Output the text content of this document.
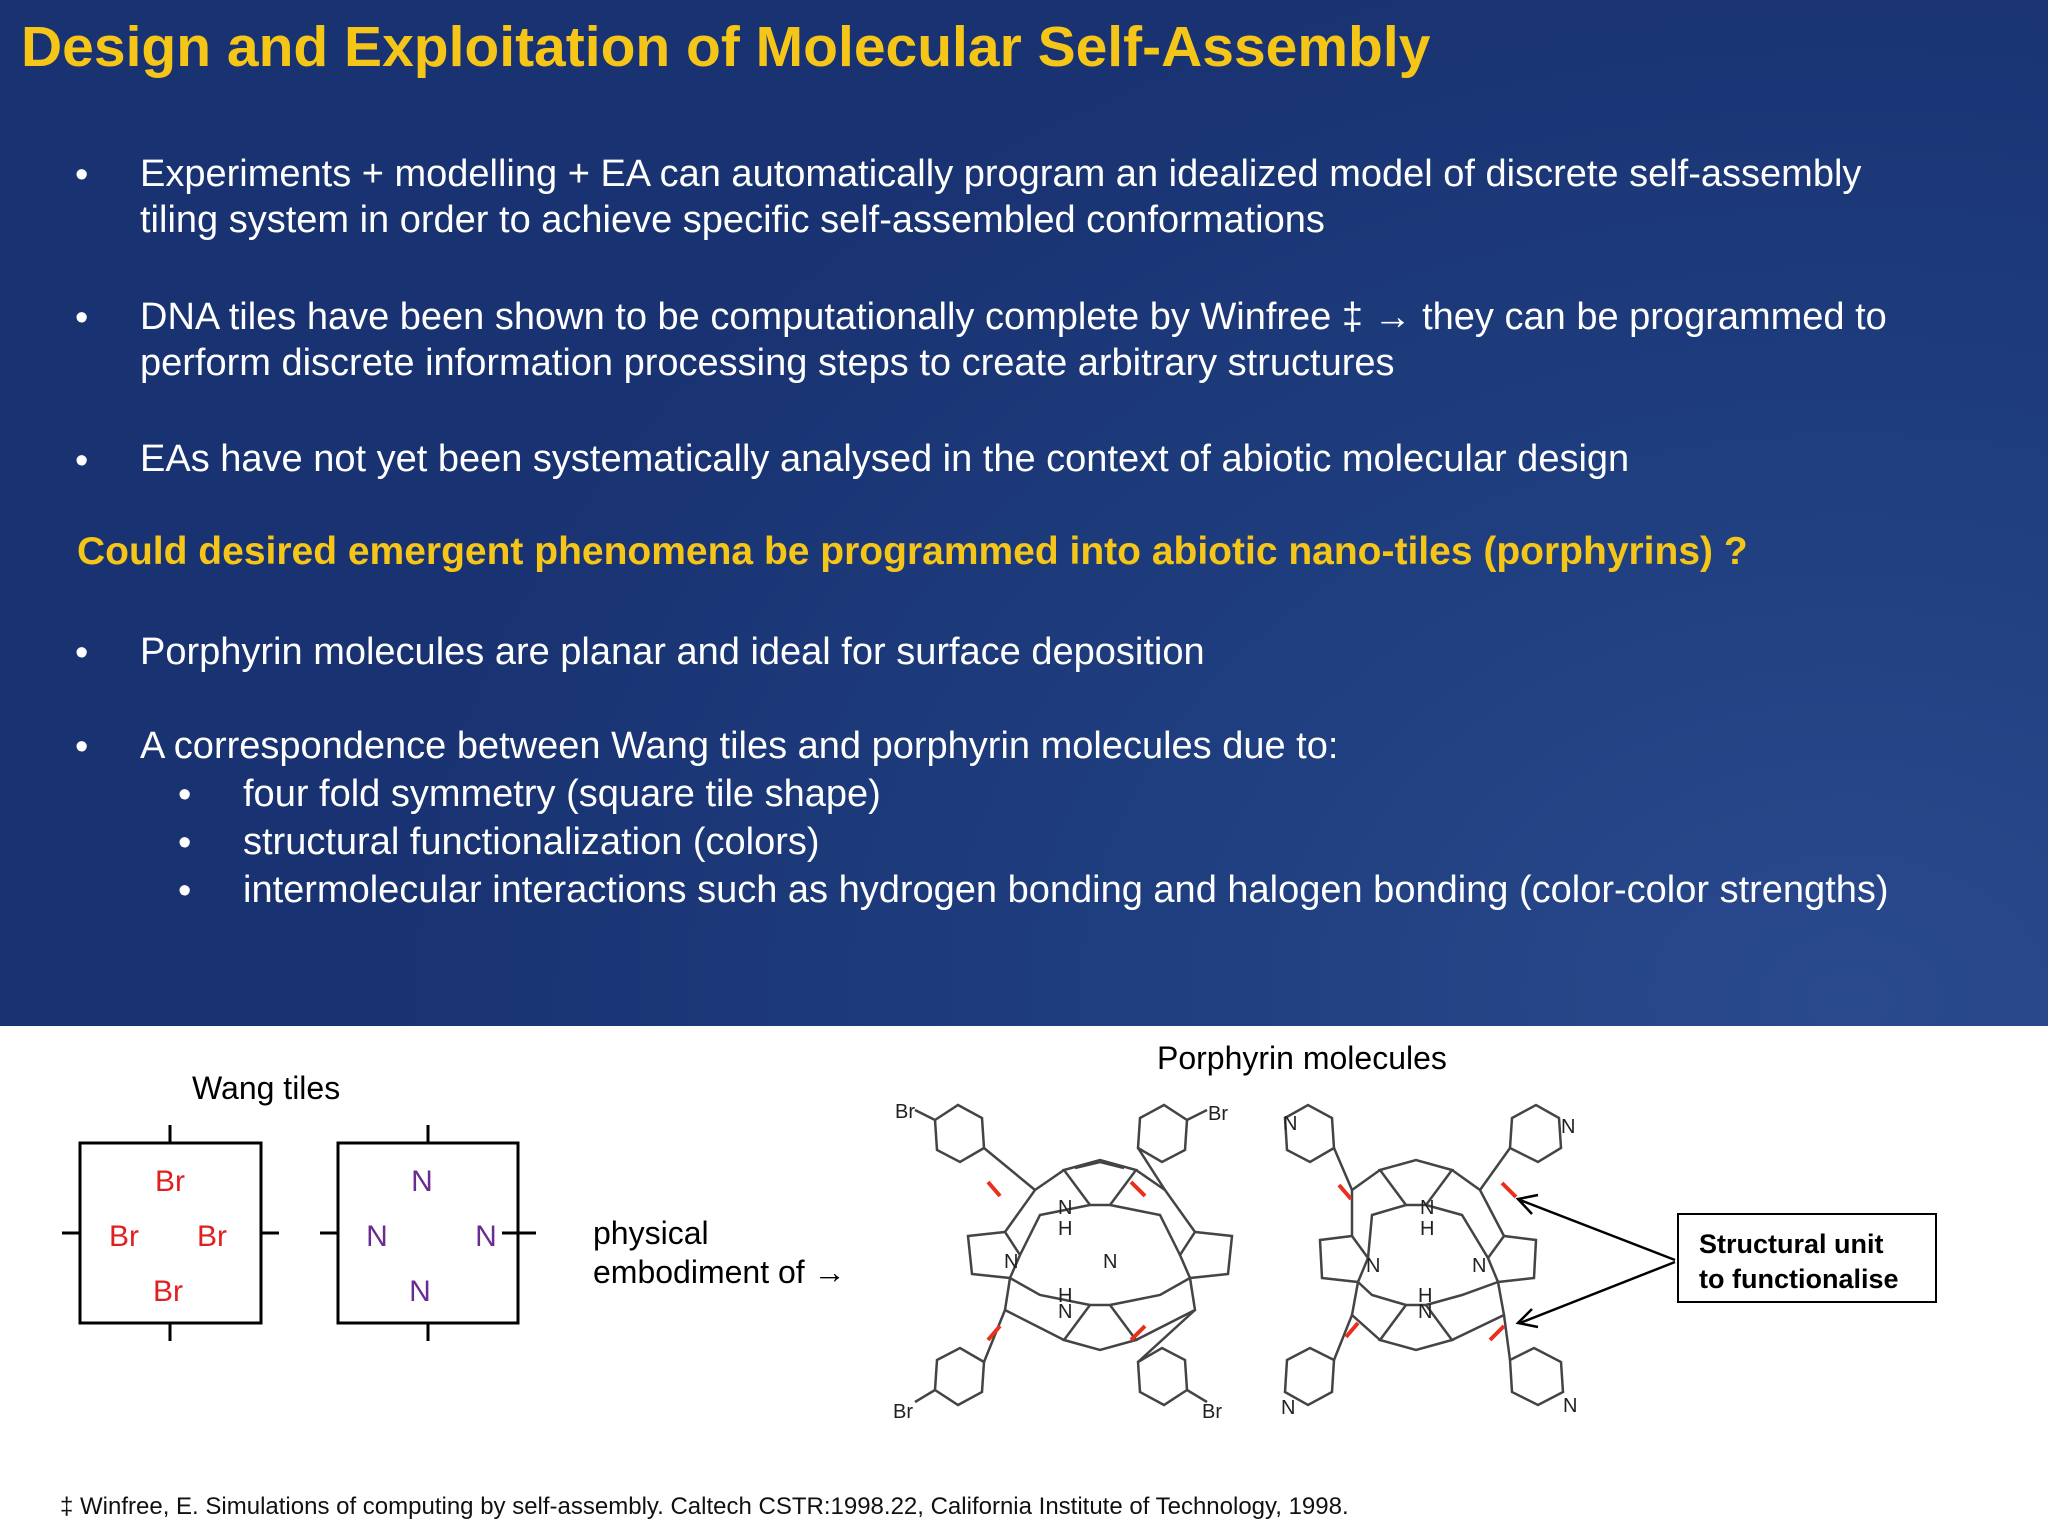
Design and Exploitation of Molecular Self-Assembly
• Experiments + modelling + EA can automatically program an idealized model of discrete self-assembly
tiling system in order to achieve specific self-assembled conformations
• DNA tiles have been shown to be computationally complete by Winfree ‡ → they can be programmed to
perform discrete information processing steps to create arbitrary structures
• EAs have not yet been systematically analysed in the context of abiotic molecular design
Could desired emergent phenomena be programmed into abiotic nano-tiles (porphyrins) ?
• Porphyrin molecules are planar and ideal for surface deposition
• A correspondence between Wang tiles and porphyrin molecules due to:
• four fold symmetry (square tile shape)
• structural functionalization (colors)
• intermolecular interactions such as hydrogen bonding and halogen bonding (color-color strengths)
Wang tiles
physical
embodiment of →
Porphyrin molecules
Br
Br Br
Br
N
N	N
N
Br	Br
Br	Br
N
H
H
N
N	N
N	N
N	N
N
H
H
N
N	N
Structural unit
to functionalise
‡ Winfree, E. Simulations of computing by self-assembly. Caltech CSTR:1998.22, California Institute of Technology, 1998.
